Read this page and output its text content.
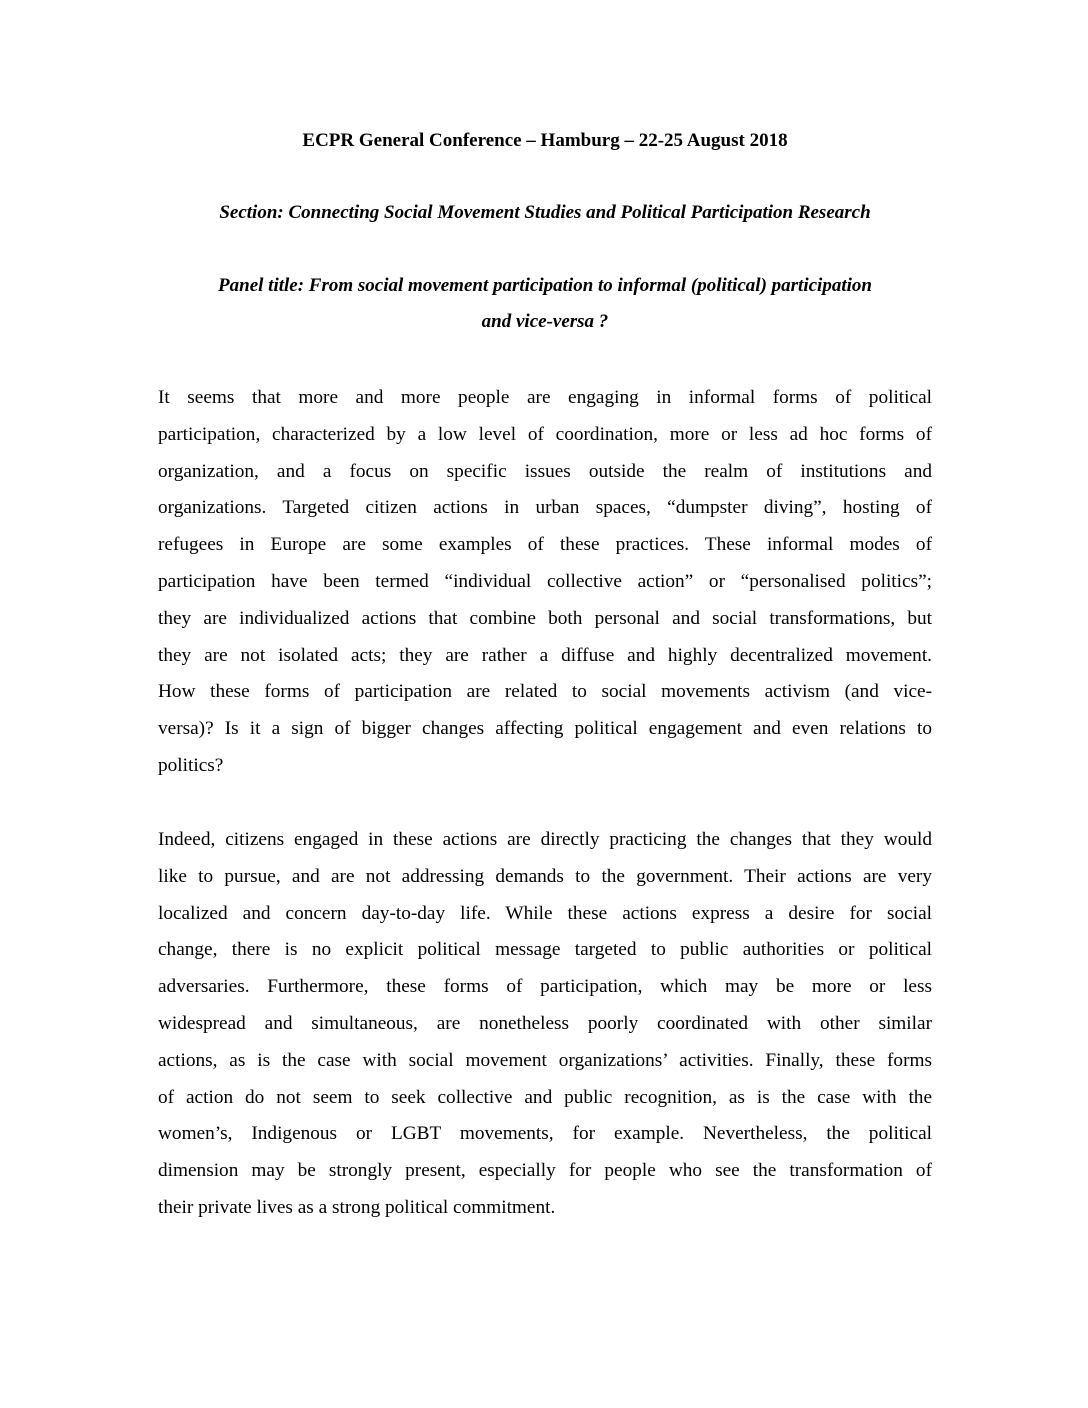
ECPR General Conference – Hamburg – 22-25 August 2018

Section: Connecting Social Movement Studies and Political Participation Research

Panel title: From social movement participation to informal (political) participation
and vice-versa ?

It seems that more and more people are engaging in informal forms of political
participation, characterized by a low level of coordination, more or less ad hoc forms of
organization, and a focus on specific issues outside the realm of institutions and
organizations. Targeted citizen actions in urban spaces, “dumpster diving”, hosting of
refugees in Europe are some examples of these practices. These informal modes of
participation have been termed “individual collective action” or “personalised politics”;
they are individualized actions that combine both personal and social transformations, but
they are not isolated acts; they are rather a diffuse and highly decentralized movement.
How these forms of participation are related to social movements activism (and vice-
versa)? Is it a sign of bigger changes affecting political engagement and even relations to
politics?
Indeed, citizens engaged in these actions are directly practicing the changes that they would
like to pursue, and are not addressing demands to the government. Their actions are very
localized and concern day-to-day life. While these actions express a desire for social
change, there is no explicit political message targeted to public authorities or political
adversaries. Furthermore, these forms of participation, which may be more or less
widespread and simultaneous, are nonetheless poorly coordinated with other similar
actions, as is the case with social movement organizations’ activities. Finally, these forms
of action do not seem to seek collective and public recognition, as is the case with the
women’s, Indigenous or LGBT movements, for example. Nevertheless, the political
dimension may be strongly present, especially for people who see the transformation of
their private lives as a strong political commitment.
